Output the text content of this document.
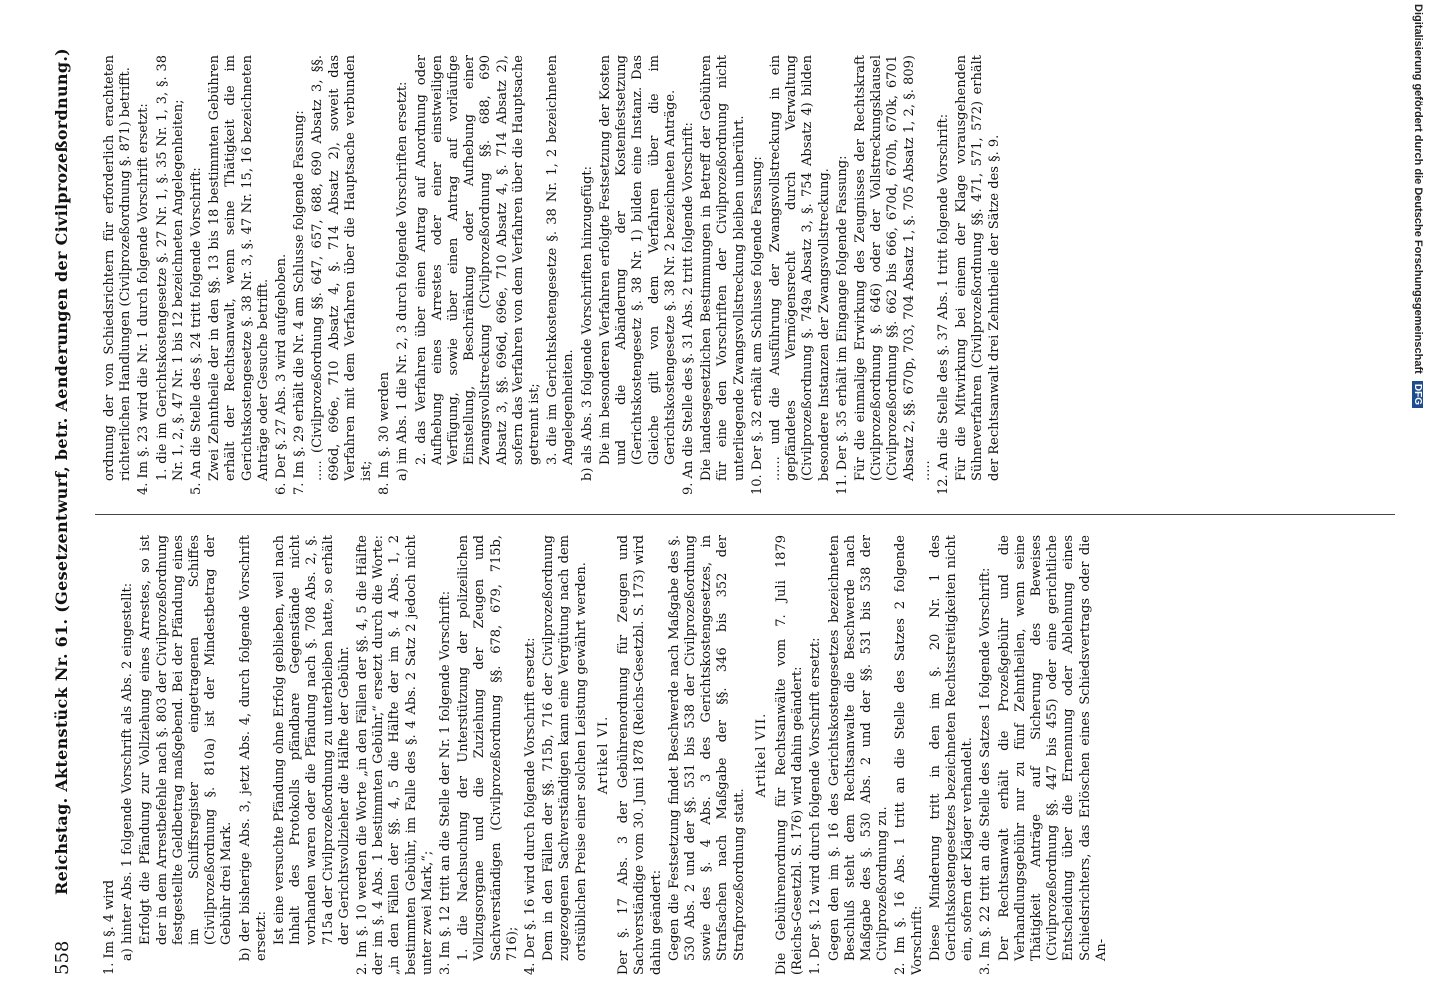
558
Reichstag. Aktenstück Nr. 61. (Gesetzentwurf, betr. Aenderungen der Civilprozeßordnung.)

1. Im §. 4 wird a) hinter Abs. 1 folgende Vorschrift als Abs. 2 eingestellt: Erfolgt die Pfändung zur Vollziehung eines Arrestes, so ist der in dem Arrestbefehle nach §. 803 der Civilprozeßordnung festgestellte Geldbetrag maßgebend. Bei der Pfändung eines im Schiffsregister eingetragenen Schiffes (Civilprozeßordnung §. 810a) ist der Mindestbetrag der Gebühr drei Mark. b) der bisherige Abs. 3, jetzt Abs. 4, durch folgende Vorschrift ersetzt: Ist eine versuchte Pfändung ohne Erfolg geblieben, weil nach Inhalt des Protokolls pfändbare Gegenstände nicht vorhanden waren oder die Pfändung nach §. 708 Abs. 2, §. 715a der Civilprozeßordnung zu unterbleiben hatte, so erhält der Gerichtsvollzieher die Hälfte der Gebühr. 2. Im §. 10 werden die Worte „in den Fällen der §§. 4, 5 die Hälfte der im §. 4 Abs. 1 bestimmten Gebühr,“ ersetzt durch die Worte: „in den Fällen der §§. 4, 5 die Hälfte der im §. 4 Abs. 1, 2 bestimmten Gebühr, im Falle des §. 4 Abs. 2 Satz 2 jedoch nicht unter zwei Mark,“; 3. Im §. 12 tritt an die Stelle der Nr. 1 folgende Vorschrift: 1. die Nachsuchung der Unterstützung der polizeilichen Vollzugsorgane und die Zuziehung der Zeugen und Sachverständigen (Civilprozeßordnung §§. 678, 679, 715b, 716); 4. Der §. 16 wird durch folgende Vorschrift ersetzt: Dem in den Fällen der §§. 715b, 716 der Civilprozeßordnung zugezogenen Sachverständigen kann eine Vergütung nach dem ortsüblichen Preise einer solchen Leistung gewährt werden. Artikel VI. Der §. 17 Abs. 3 der Gebührenordnung für Zeugen und Sachverständige vom 30. Juni 1878 (Reichs-Gesetzbl. S. 173) wird dahin geändert: Gegen die Festsetzung findet Beschwerde nach Maßgabe des §. 530 Abs. 2 und der §§. 531 bis 538 der Civilprozeßordnung sowie des §. 4 Abs. 3 des Gerichtskostengesetzes, in Strafsachen nach Maßgabe der §§. 346 bis 352 der Strafprozeßordnung statt.

Artikel VII. Die Gebührenordnung für Rechtsanwälte vom 7. Juli 1879 (Reichs-Gesetzbl. S. 176) wird dahin geändert: 1. Der §. 12 wird durch folgende Vorschrift ersetzt: Gegen den im §. 16 des Gerichtskostengesetzes bezeichneten Beschluß steht dem Rechtsanwalte die Beschwerde nach Maßgabe des §. 530 Abs. 2 und der §§. 531 bis 538 der Civilprozeßordnung zu. 2. Im §. 16 Abs. 1 tritt an die Stelle des Satzes 2 folgende Vorschrift: Diese Minderung tritt in den im §. 20 Nr. 1 des Gerichtskostengesetzes bezeichneten Rechtsstreitigkeiten nicht ein, sofern der Kläger verhandelt. 3. Im §. 22 tritt an die Stelle des Satzes 1 folgende Vorschrift: Der Rechtsanwalt erhält die Prozeßgebühr und die Verhandlungsgebühr nur zu fünf Zehntheilen, wenn seine Thätigkeit Anträge auf Sicherung des Beweises (Civilprozeßordnung §§. 447 bis 455) oder eine gerichtliche Entscheidung über die Ernennung oder Ablehnung eines Schiedsrichters, das Erlöschen eines Schiedsvertrags oder die An-

ordnung der von Schiedsrichtern für erforderlich erachteten richterlichen Handlungen (Civilprozeßordnung §. 871) betrifft. 4. Im §. 23 wird die Nr. 1 durch folgende Vorschrift ersetzt: 1. die im Gerichtskostengesetze §. 27 Nr. 1, §. 35 Nr. 1, 3, §. 38 Nr. 1, 2, §. 47 Nr. 1 bis 12 bezeichneten Angelegenheiten; 5. An die Stelle des §. 24 tritt folgende Vorschrift: Zwei Zehntheile der in den §§. 13 bis 18 bestimmten Gebühren erhält der Rechtsanwalt, wenn seine Thätigkeit die im Gerichtskostengesetze §. 38 Nr. 3, §. 47 Nr. 15, 16 bezeichneten Anträge oder Gesuche betrifft. 6. Der §. 27 Abs. 3 wird aufgehoben. 7. Im §. 29 erhält die Nr. 4 am Schlusse folgende Fassung: ..... (Civilprozeßordnung §§. 647, 657, 688, 690 Absatz 3, §§. 696d, 696e, 710 Absatz 4, §. 714 Absatz 2), soweit das Verfahren mit dem Verfahren über die Hauptsache verbunden ist; 8. Im §. 30 werden a) im Abs. 1 die Nr. 2, 3 durch folgende Vorschriften ersetzt: 2. das Verfahren über einen Antrag auf Anordnung oder Aufhebung eines Arrestes oder einer einstweiligen Verfügung, sowie über einen Antrag auf vorläufige Einstellung, Beschränkung oder Aufhebung einer Zwangsvollstreckung (Civilprozeßordnung §§. 688, 690 Absatz 3, §§. 696d, 696e, 710 Absatz 4, §. 714 Absatz 2), sofern das Verfahren von dem Verfahren über die Hauptsache getrennt ist; 3. die im Gerichtskostengesetze §. 38 Nr. 1, 2 bezeichneten Angelegenheiten. b) als Abs. 3 folgende Vorschriften hinzugefügt: Die im besonderen Verfahren erfolgte Festsetzung der Kosten und die Abänderung der Kostenfestsetzung (Gerichtskostengesetz §. 38 Nr. 1) bilden eine Instanz. Das Gleiche gilt von dem Verfahren über die im Gerichtskostengesetze §. 38 Nr. 2 bezeichneten Anträge. 9. An die Stelle des §. 31 Abs. 2 tritt folgende Vorschrift: Die landesgesetzlichen Bestimmungen in Betreff der Gebühren für eine den Vorschriften der Civilprozeßordnung nicht unterliegende Zwangsvollstreckung bleiben unberührt. 10. Der §. 32 erhält am Schlusse folgende Fassung: ...... und die Ausführung der Zwangsvollstreckung in ein gepfändetes Vermögensrecht durch Verwaltung (Civilprozeßordnung §. 749a Absatz 3, §. 754 Absatz 4) bilden besondere Instanzen der Zwangsvollstreckung. 11. Der §. 35 erhält im Eingange folgende Fassung: Für die einmalige Erwirkung des Zeugnisses der Rechtskraft (Civilprozeßordnung §. 646) oder der Vollstreckungsklausel (Civilprozeßordnung §§. 662 bis 666, 670d, 670h, 670k, 6701 Absatz 2, §§. 670p, 703, 704 Absatz 1, §. 705 Absatz 1, 2, §. 809) ..... 12. An die Stelle des §. 37 Abs. 1 tritt folgende Vorschrift: Für die Mitwirkung bei einem der Klage vorausgehenden Sühneverfahren (Civilprozeßordnung §§. 471, 571, 572) erhält der Rechtsanwalt drei Zehntheile der Sätze des §. 9.	Digitalisierung gefördert durch die Deutsche Forschungsgemeinschaft DFG
